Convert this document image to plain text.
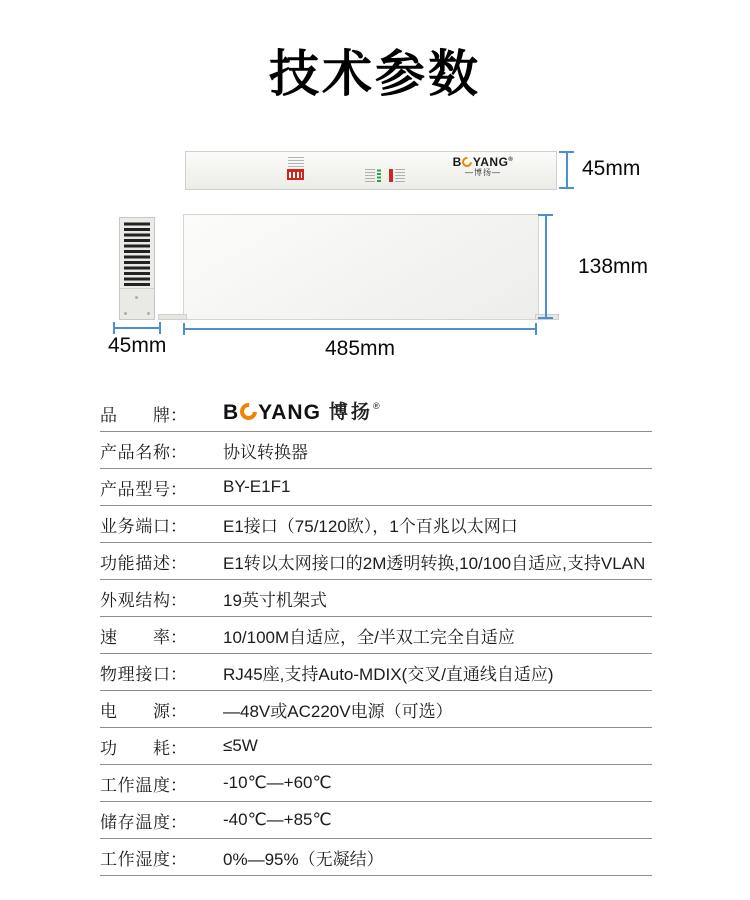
技术参数
B YANG®
—博扬—	45mm
45mm
138mm
485mm
品牌 ： B YANG 博扬 ®
产品名称 ： 协议转换器
产品型号 ： BY-E1F1
业务端口 ： E1接口（75/120欧），1个百兆以太网口
功能描述 ： E1转以太网接口的2M透明转换,10/100自适应,支持VLAN
外观结构 ： 19英寸机架式
速率 ： 10/100M自适应，全/半双工完全自适应
物理接口 ： RJ45座,支持Auto-MDIX(交叉/直通线自适应)
电源 ： —48V或AC220V电源（可选）
功耗 ： ≤5W
工作温度 ： -10℃—+60℃
储存温度 ： -40℃—+85℃
工作湿度 ： 0%—95%（无凝结）
